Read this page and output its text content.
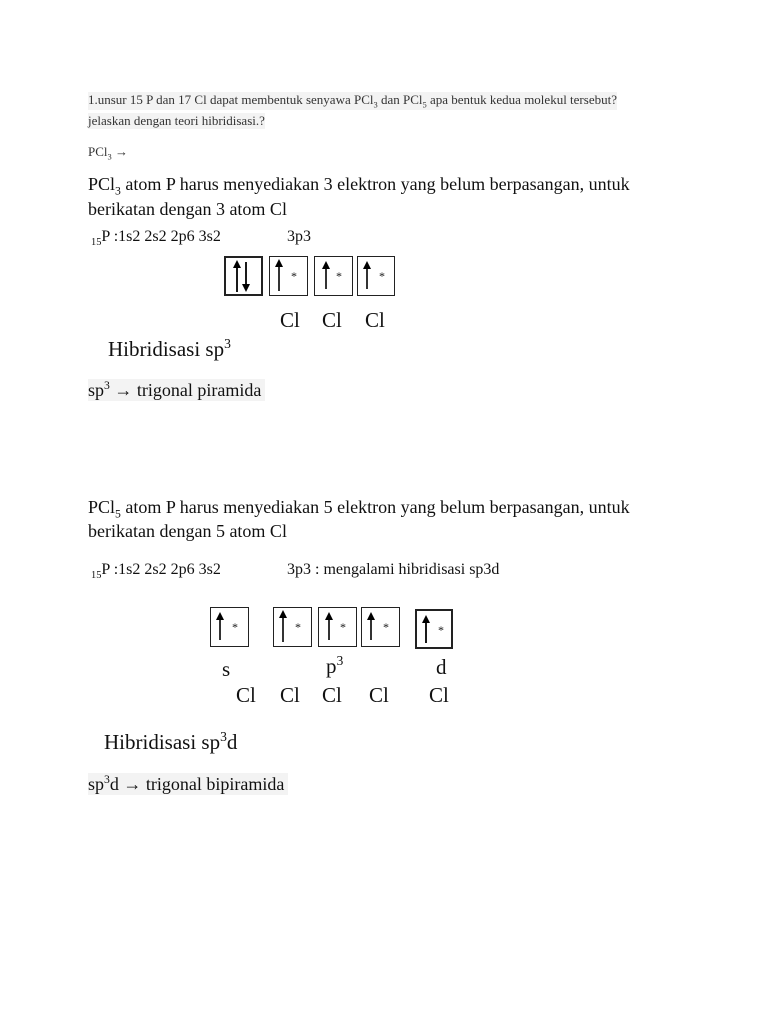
1.unsur 15 P dan 17 Cl dapat membentuk senyawa PCl$_3$ dan PCl$_5$ apa bentuk kedua molekul tersebut?
jelaskan dengan teori hibridisasi.?
PCl$_3$ →
PCl$_3$ atom P harus menyediakan 3 elektron yang belum berpasangan, untuk
berikatan dengan 3 atom Cl
$_{15}$P :1s2 2s2 2p6 3s2	3p3
*	*	*
Cl Cl Cl
Hibridisasi $sp^3$
$sp^3$ → trigonal piramida
PCl$_5$ atom P harus menyediakan 5 elektron yang belum berpasangan, untuk
berikatan dengan 5 atom Cl
$_{15}$P :1s2 2s2 2p6 3s2	3p3 : mengalami hibridisasi sp3d
*	*	*	*	*
s	$p^3$	d
Cl Cl Cl Cl Cl
Hibridisasi $sp^3d$
$sp^3d$ → trigonal bipiramida
